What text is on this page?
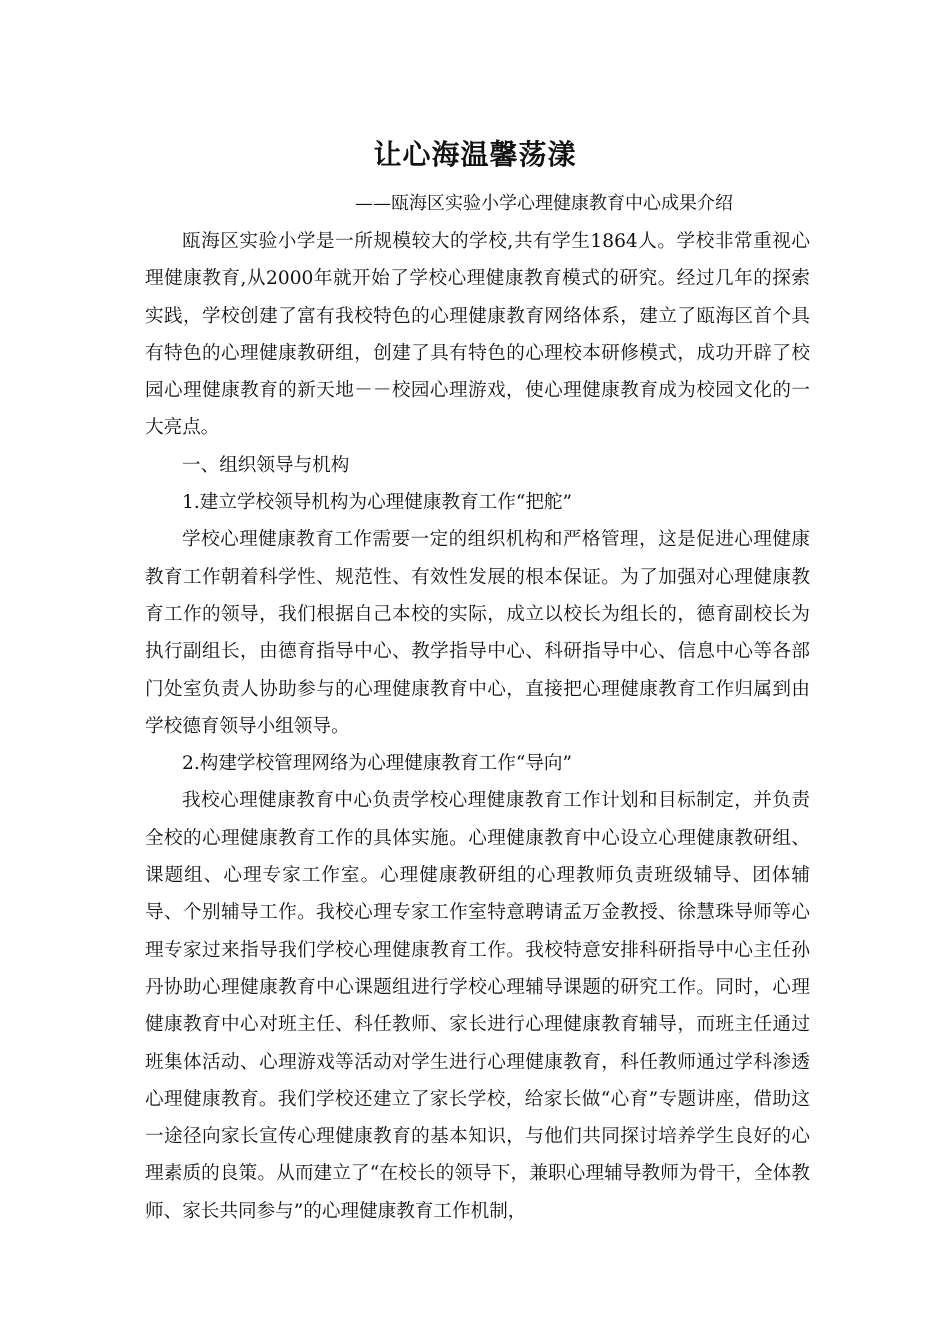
让心海温馨荡漾
——瓯海区实验小学心理健康教育中心成果介绍

瓯海区实验小学是一所规模较大的学校,共有学生1864人。学校非常重视心理健康教育,从2000年就开始了学校心理健康教育模式的研究。经过几年的探索实践，学校创建了富有我校特色的心理健康教育网络体系，建立了瓯海区首个具有特色的心理健康教研组，创建了具有特色的心理校本研修模式，成功开辟了校园心理健康教育的新天地－－校园心理游戏，使心理健康教育成为校园文化的一大亮点。

一、组织领导与机构

1.建立学校领导机构为心理健康教育工作“把舵”

学校心理健康教育工作需要一定的组织机构和严格管理，这是促进心理健康教育工作朝着科学性、规范性、有效性发展的根本保证。为了加强对心理健康教育工作的领导，我们根据自己本校的实际，成立以校长为组长的，德育副校长为执行副组长，由德育指导中心、教学指导中心、科研指导中心、信息中心等各部门处室负责人协助参与的心理健康教育中心，直接把心理健康教育工作归属到由学校德育领导小组领导。

2.构建学校管理网络为心理健康教育工作“导向”

我校心理健康教育中心负责学校心理健康教育工作计划和目标制定，并负责全校的心理健康教育工作的具体实施。心理健康教育中心设立心理健康教研组、课题组、心理专家工作室。心理健康教研组的心理教师负责班级辅导、团体辅导、个别辅导工作。我校心理专家工作室特意聘请孟万金教授、徐慧珠导师等心理专家过来指导我们学校心理健康教育工作。我校特意安排科研指导中心主任孙丹协助心理健康教育中心课题组进行学校心理辅导课题的研究工作。同时，心理健康教育中心对班主任、科任教师、家长进行心理健康教育辅导，而班主任通过班集体活动、心理游戏等活动对学生进行心理健康教育，科任教师通过学科渗透心理健康教育。我们学校还建立了家长学校，给家长做“心育”专题讲座，借助这一途径向家长宣传心理健康教育的基本知识，与他们共同探讨培养学生良好的心理素质的良策。从而建立了“在校长的领导下，兼职心理辅导教师为骨干，全体教师、家长共同参与”的心理健康教育工作机制，
